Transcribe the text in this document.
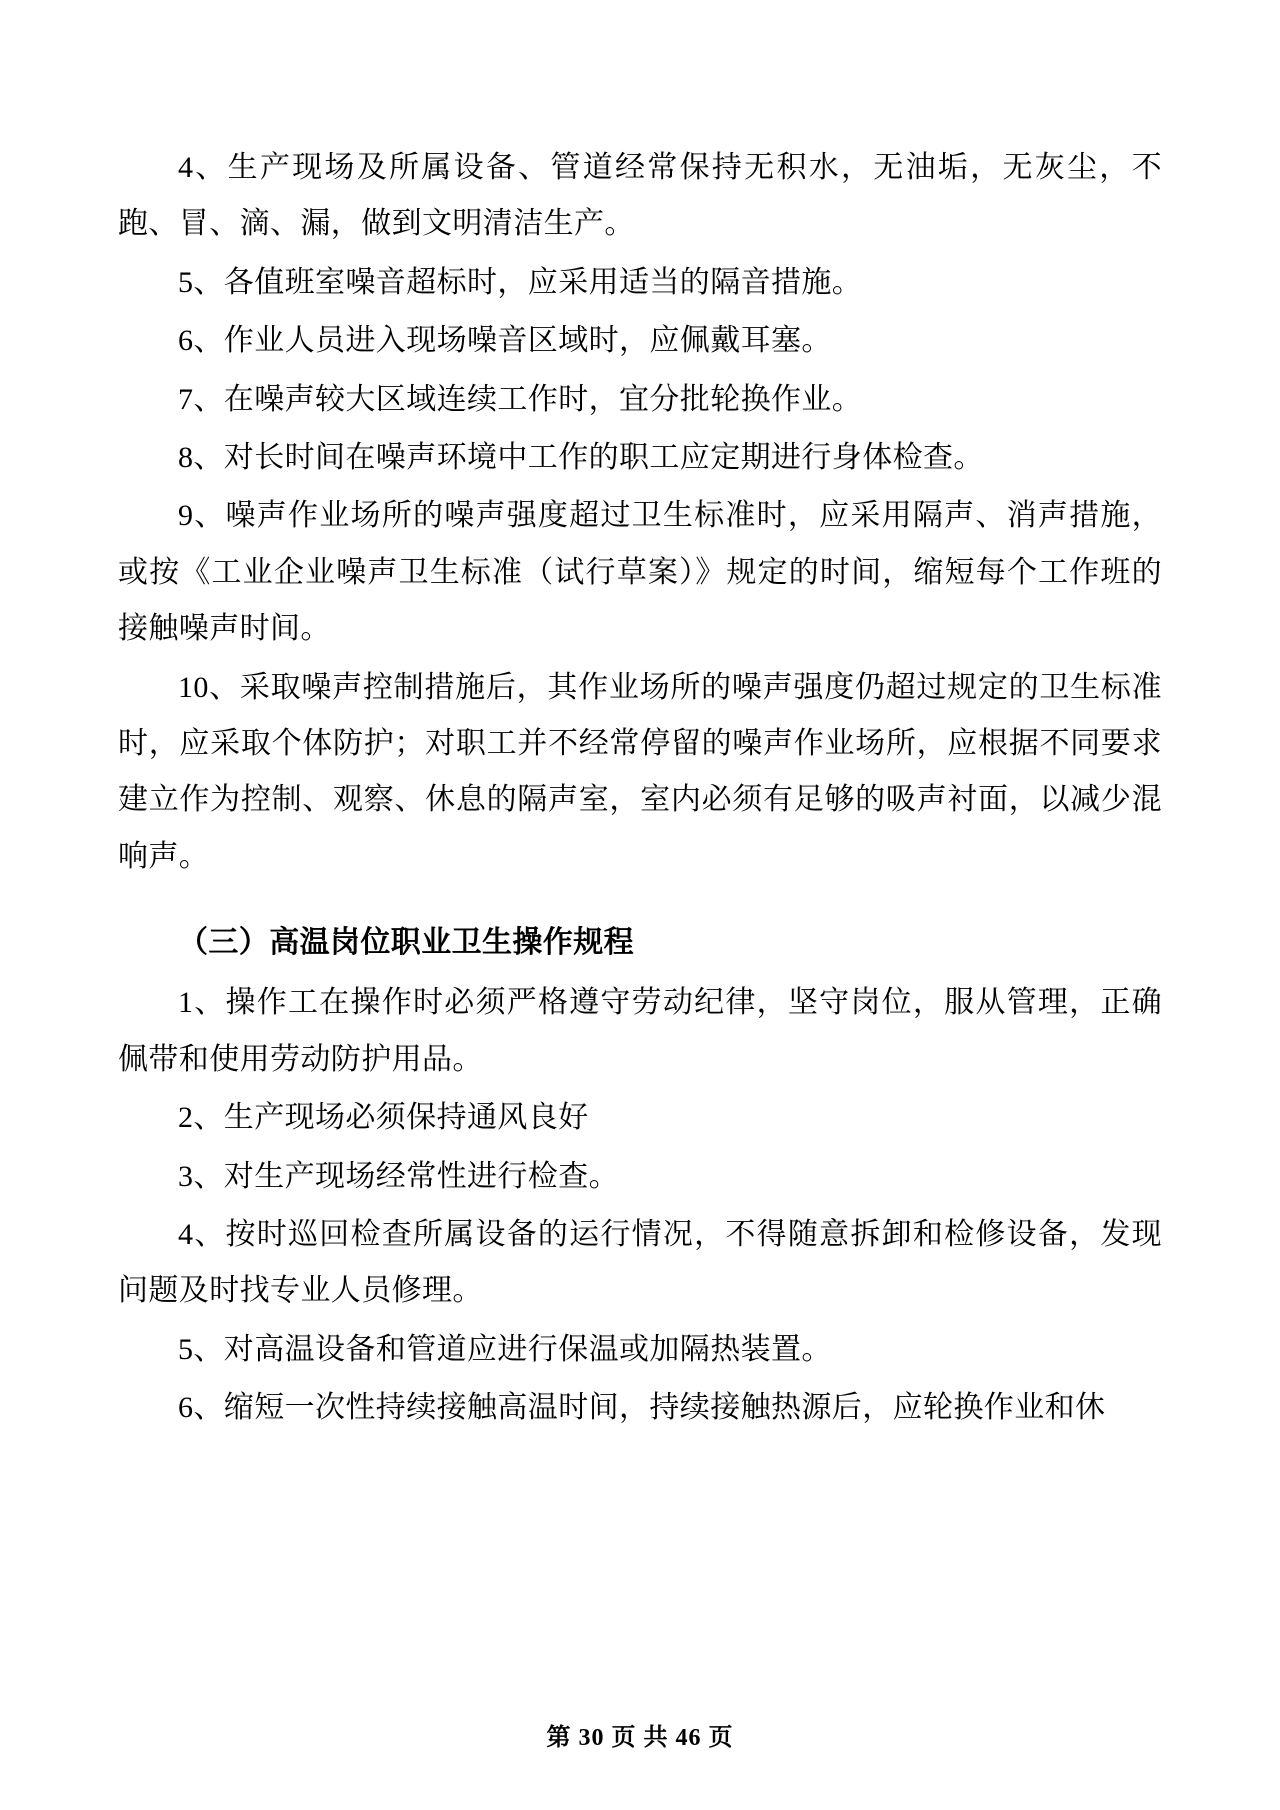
4、生产现场及所属设备、管道经常保持无积水，无油垢，无灰尘，不跑、冒、滴、漏，做到文明清洁生产。

5、各值班室噪音超标时，应采用适当的隔音措施。

6、作业人员进入现场噪音区域时，应佩戴耳塞。

7、在噪声较大区域连续工作时，宜分批轮换作业。

8、对长时间在噪声环境中工作的职工应定期进行身体检查。

9、噪声作业场所的噪声强度超过卫生标准时，应采用隔声、消声措施，或按《工业企业噪声卫生标准（试行草案）》规定的时间，缩短每个工作班的接触噪声时间。

10、采取噪声控制措施后，其作业场所的噪声强度仍超过规定的卫生标准时，应采取个体防护；对职工并不经常停留的噪声作业场所，应根据不同要求建立作为控制、观察、休息的隔声室，室内必须有足够的吸声衬面，以减少混响声。

（三）高温岗位职业卫生操作规程

1、操作工在操作时必须严格遵守劳动纪律，坚守岗位，服从管理，正确佩带和使用劳动防护用品。

2、生产现场必须保持通风良好

3、对生产现场经常性进行检查。

4、按时巡回检查所属设备的运行情况，不得随意拆卸和检修设备，发现问题及时找专业人员修理。

5、对高温设备和管道应进行保温或加隔热装置。

6、缩短一次性持续接触高温时间，持续接触热源后，应轮换作业和休

第 30 页 共 46 页
